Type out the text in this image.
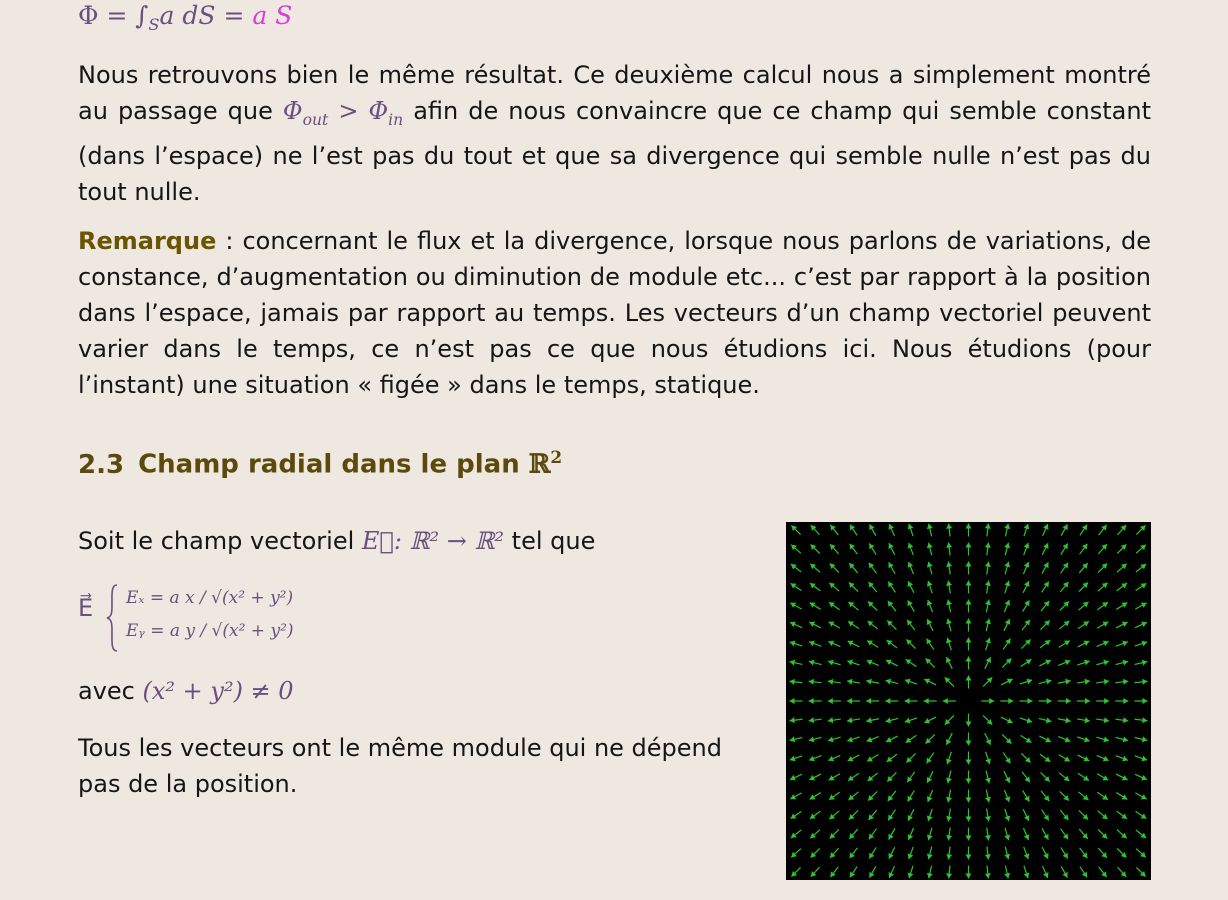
$\Phi = \int_Sa$ dS = a S

Nous retrouvons bien le même résultat. Ce deuxième calcul nous a simplement montré au passage que $\Phi_{out} > \Phi_{in}$ afin de nous convaincre que ce champ qui semble constant (dans l’espace) ne l’est pas du tout et que sa divergence qui semble nulle n’est pas du tout nulle.

Remarque : concernant le flux et la divergence, lorsque nous parlons de variations, de constance, d’augmentation ou diminution de module etc... c’est par rapport à la position dans l’espace, jamais par rapport au temps. Les vecteurs d’un champ vectoriel peuvent varier dans le temps, ce n’est pas ce que nous étudions ici. Nous étudions (pour l’instant) une situation « figée » dans le temps, statique.

2.3 Champ radial dans le plan ℝ$^2$

Soit le champ vectoriel E⃗: ℝ² → ℝ² tel que

E⃗ Eₓ = a x / √(x² + y²)
Eᵧ = a y / √(x² + y²)

avec (x² + y²) ≠ 0

Tous les vecteurs ont le même module qui ne dépend pas de la position.
